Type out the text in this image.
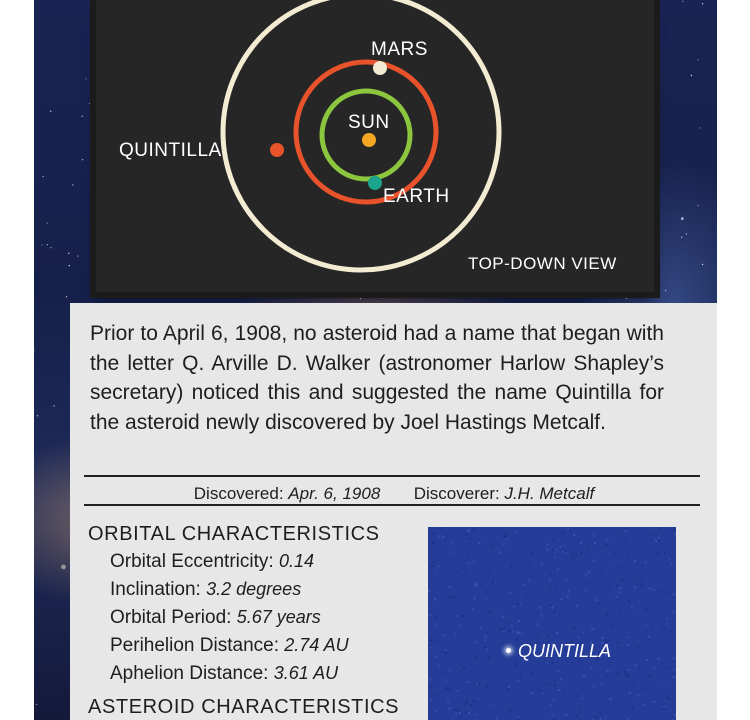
MARS
SUN
QUINTILLA
EARTH
TOP-DOWN VIEW

Prior to April 6, 1908, no asteroid had a name that began with the letter Q. Arville D. Walker (astronomer Harlow Shapley’s secretary) noticed this and suggested the name Quintilla for the asteroid newly discovered by Joel Hastings Metcalf.

Discovered: Apr. 6, 1908 Discoverer: J.H. Metcalf
ORBITAL CHARACTERISTICS
Orbital Eccentricity: 0.14
Inclination: 3.2 degrees
Orbital Period: 5.67 years
Perihelion Distance: 2.74 AU
Aphelion Distance: 3.61 AU
ASTEROID CHARACTERISTICS
QUINTILLA
